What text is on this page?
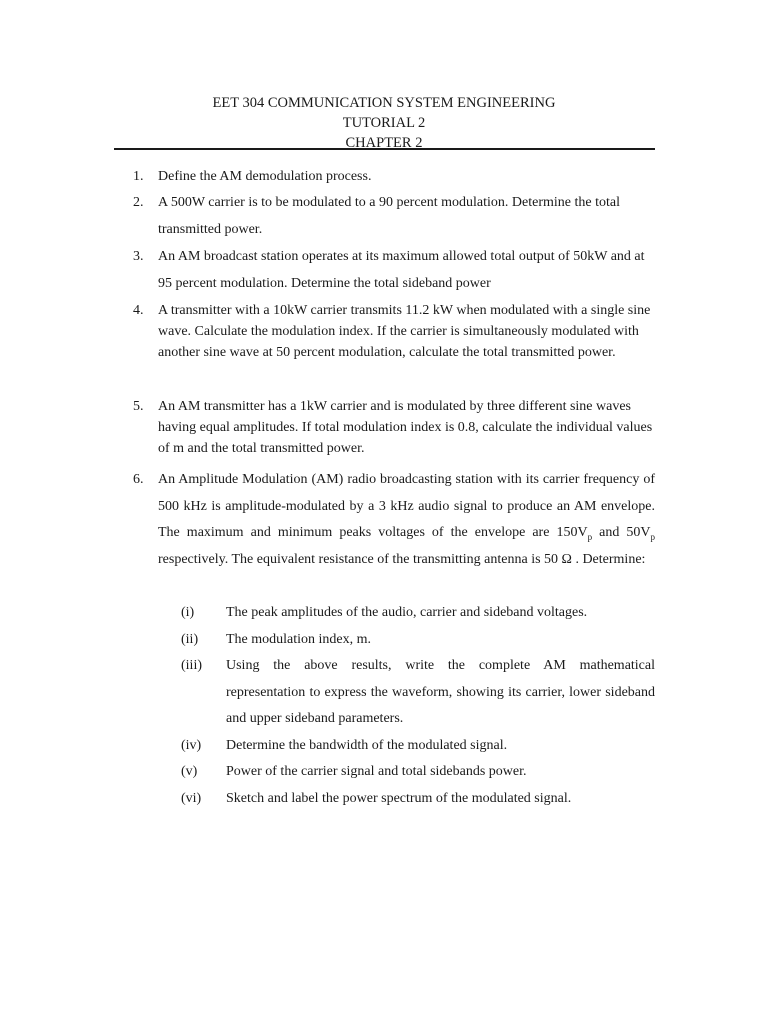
EET 304 COMMUNICATION SYSTEM ENGINEERING
TUTORIAL 2
CHAPTER 2
1. Define the AM demodulation process.
2. A 500W carrier is to be modulated to a 90 percent modulation. Determine the total transmitted power.
3. An AM broadcast station operates at its maximum allowed total output of 50kW and at 95 percent modulation. Determine the total sideband power
4. A transmitter with a 10kW carrier transmits 11.2 kW when modulated with a single sine wave. Calculate the modulation index. If the carrier is simultaneously modulated with another sine wave at 50 percent modulation, calculate the total transmitted power.
5. An AM transmitter has a 1kW carrier and is modulated by three different sine waves having equal amplitudes. If total modulation index is 0.8, calculate the individual values of m and the total transmitted power.
6. An Amplitude Modulation (AM) radio broadcasting station with its carrier frequency of 500 kHz is amplitude-modulated by a 3 kHz audio signal to produce an AM envelope. The maximum and minimum peaks voltages of the envelope are $150V_p$ and $50V_p$ respectively. The equivalent resistance of the transmitting antenna is 50 Ω . Determine:
(i) The peak amplitudes of the audio, carrier and sideband voltages.
(ii) The modulation index, m.
(iii) Using the above results, write the complete AM mathematical representation to express the waveform, showing its carrier, lower sideband and upper sideband parameters.
(iv) Determine the bandwidth of the modulated signal.
(v) Power of the carrier signal and total sidebands power.
(vi) Sketch and label the power spectrum of the modulated signal.
